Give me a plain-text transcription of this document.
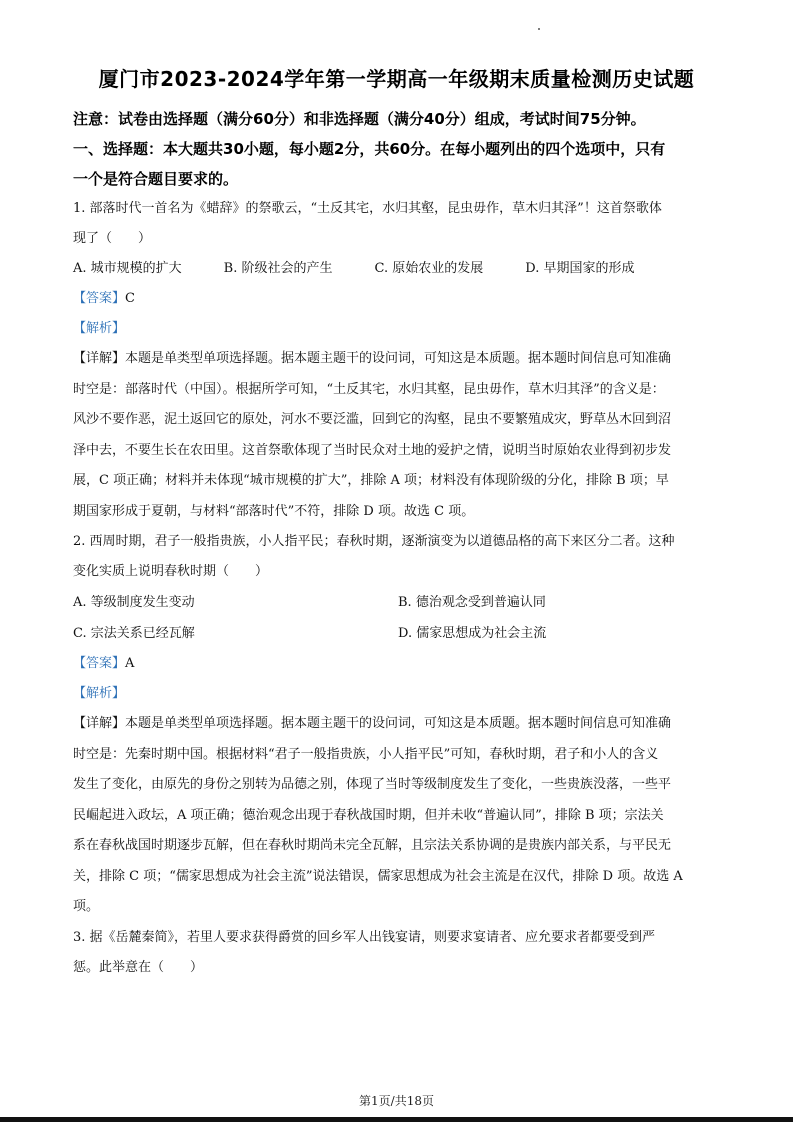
厦门市2023-2024学年第一学期高一年级期末质量检测历史试题
注意：试卷由选择题（满分60分）和非选择题（满分40分）组成，考试时间75分钟。
一、选择题：本大题共30小题，每小题2分，共60分。在每小题列出的四个选项中，只有
一个是符合题目要求的。
1. 部落时代一首名为《蜡辞》的祭歌云，“土反其宅，水归其壑，昆虫毋作，草木归其泽”！这首祭歌体
现了（　　）
A. 城市规模的扩大	B. 阶级社会的产生	C. 原始农业的发展	D. 早期国家的形成
【答案】C
【解析】
【详解】本题是单类型单项选择题。据本题主题干的设问词，可知这是本质题。据本题时间信息可知准确
时空是：部落时代（中国）。根据所学可知，“土反其宅，水归其壑，昆虫毋作，草木归其泽”的含义是：
风沙不要作恶，泥土返回它的原处，河水不要泛滥，回到它的沟壑，昆虫不要繁殖成灾，野草丛木回到沼
泽中去，不要生长在农田里。这首祭歌体现了当时民众对土地的爱护之情，说明当时原始农业得到初步发
展，C 项正确；材料并未体现“城市规模的扩大”，排除 A 项；材料没有体现阶级的分化，排除 B 项；早
期国家形成于夏朝，与材料“部落时代”不符，排除 D 项。故选 C 项。
2. 西周时期，君子一般指贵族，小人指平民；春秋时期，逐渐演变为以道德品格的高下来区分二者。这种
变化实质上说明春秋时期（　　）
A. 等级制度发生变动	B. 德治观念受到普遍认同
C. 宗法关系已经瓦解	D. 儒家思想成为社会主流
【答案】A
【解析】
【详解】本题是单类型单项选择题。据本题主题干的设问词，可知这是本质题。据本题时间信息可知准确
时空是：先秦时期中国。根据材料“君子一般指贵族，小人指平民”可知，春秋时期，君子和小人的含义
发生了变化，由原先的身份之别转为品德之别，体现了当时等级制度发生了变化，一些贵族没落，一些平
民崛起进入政坛，A 项正确；德治观念出现于春秋战国时期，但并未收“普遍认同”，排除 B 项；宗法关
系在春秋战国时期逐步瓦解，但在春秋时期尚未完全瓦解，且宗法关系协调的是贵族内部关系，与平民无
关，排除 C 项；“儒家思想成为社会主流”说法错误，儒家思想成为社会主流是在汉代，排除 D 项。故选 A
项。
3. 据《岳麓秦简》，若里人要求获得爵赏的回乡军人出钱宴请，则要求宴请者、应允要求者都要受到严
惩。此举意在（　　）
第1页/共18页
